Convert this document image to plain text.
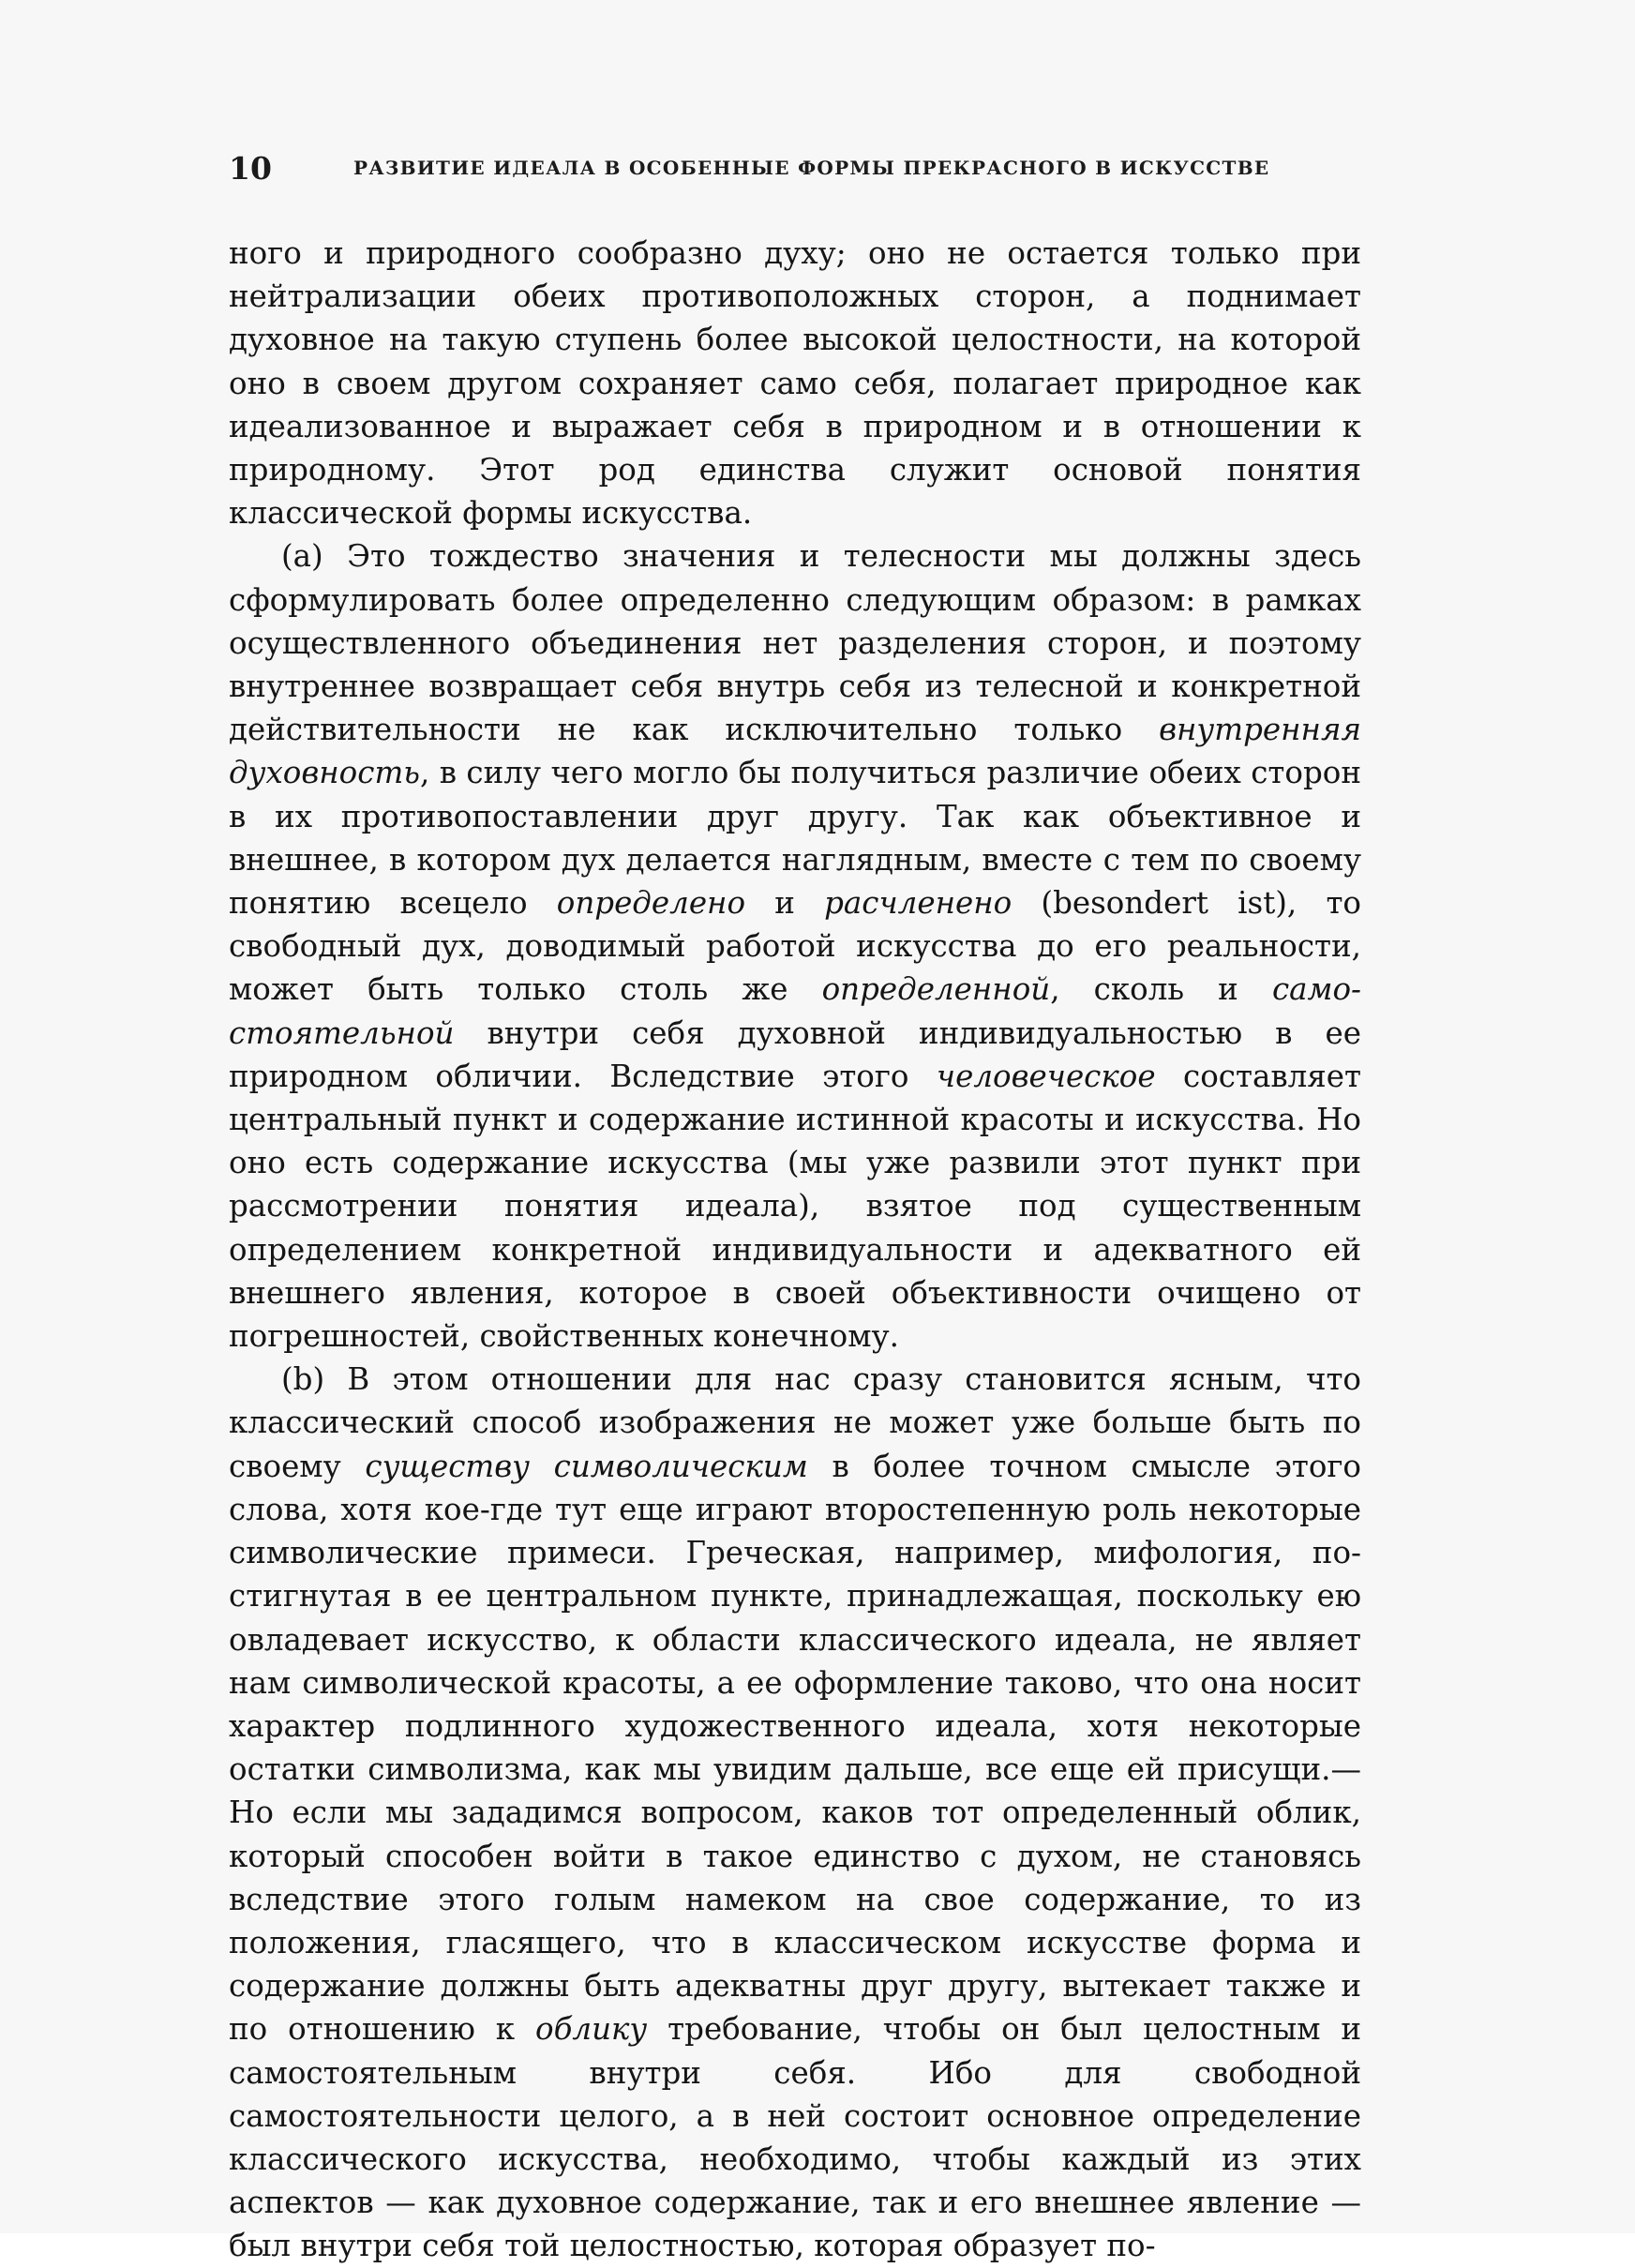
10	РАЗВИТИЕ ИДЕАЛА В ОСОБЕННЫЕ ФОРМЫ ПРЕКРАСНОГО В ИСКУССТВЕ

ного и природного сообразно духу; оно не остается только при нейтрализации обеих противоположных сторон, а поднимает духовное на такую ступень более высокой целостности, на которой оно в своем другом сохраняет само себя, полагает природное как идеализованное и выражает себя в природном и в отношении к природному. Этот род единства служит основой понятия классической формы искусства.

(а) Это тождество значения и телесности мы должны здесь сформулировать более определенно следующим образом: в рамках осуществленного объединения нет разделения сторон, и поэтому внутреннее возвращает себя внутрь себя из телесной и конкретной действительности не как исключительно только внутренняя духовность, в силу чего могло бы получиться различие обеих сторон в их противопоставлении друг другу. Так как объективное и внешнее, в котором дух делается наглядным, вместе с тем по своему понятию всецело определено и расчленено (besondert ist), то свободный дух, доводимый работой искусства до его реальности, может быть только столь же определенной, сколь и самостоятельной внутри себя духовной индивидуальностью в ее природном обличии. Вследствие этого человеческое составляет центральный пункт и содержание истинной красоты и искусства. Но оно есть содержание искусства (мы уже развили этот пункт при рассмотрении понятия идеала), взятое под существенным определением конкретной индивидуальности и адекватного ей внешнего явления, которое в своей объективности очищено от погрешностей, свойственных конечному.

(b) В этом отношении для нас сразу становится ясным, что классический способ изображения не может уже больше быть по своему существу символическим в более точном смысле этого слова, хотя кое-где тут еще играют второстепенную роль некоторые символические примеси. Греческая, например, мифология, постигнутая в ее центральном пункте, принадлежащая, поскольку ею овладевает искусство, к области классического идеала, не являет нам символической красоты, а ее оформление таково, что она носит характер подлинного художественного идеала, хотя некоторые остатки символизма, как мы увидим дальше, все еще ей присущи.—Но если мы зададимся вопросом, каков тот определенный облик, который способен войти в такое единство с духом, не становясь вследствие этого голым намеком на свое содержание, то из положения, гласящего, что в классическом искусстве форма и содержание должны быть адекватны друг другу, вытекает также и по отношению к облику требование, чтобы он был целостным и самостоятельным внутри себя. Ибо для свободной самостоятельности целого, а в ней состоит основное определение классического искусства, необходимо, чтобы каждый из этих аспектов — как духовное содержание, так и его внешнее явление — был внутри себя той целостностью, которая образует по-
